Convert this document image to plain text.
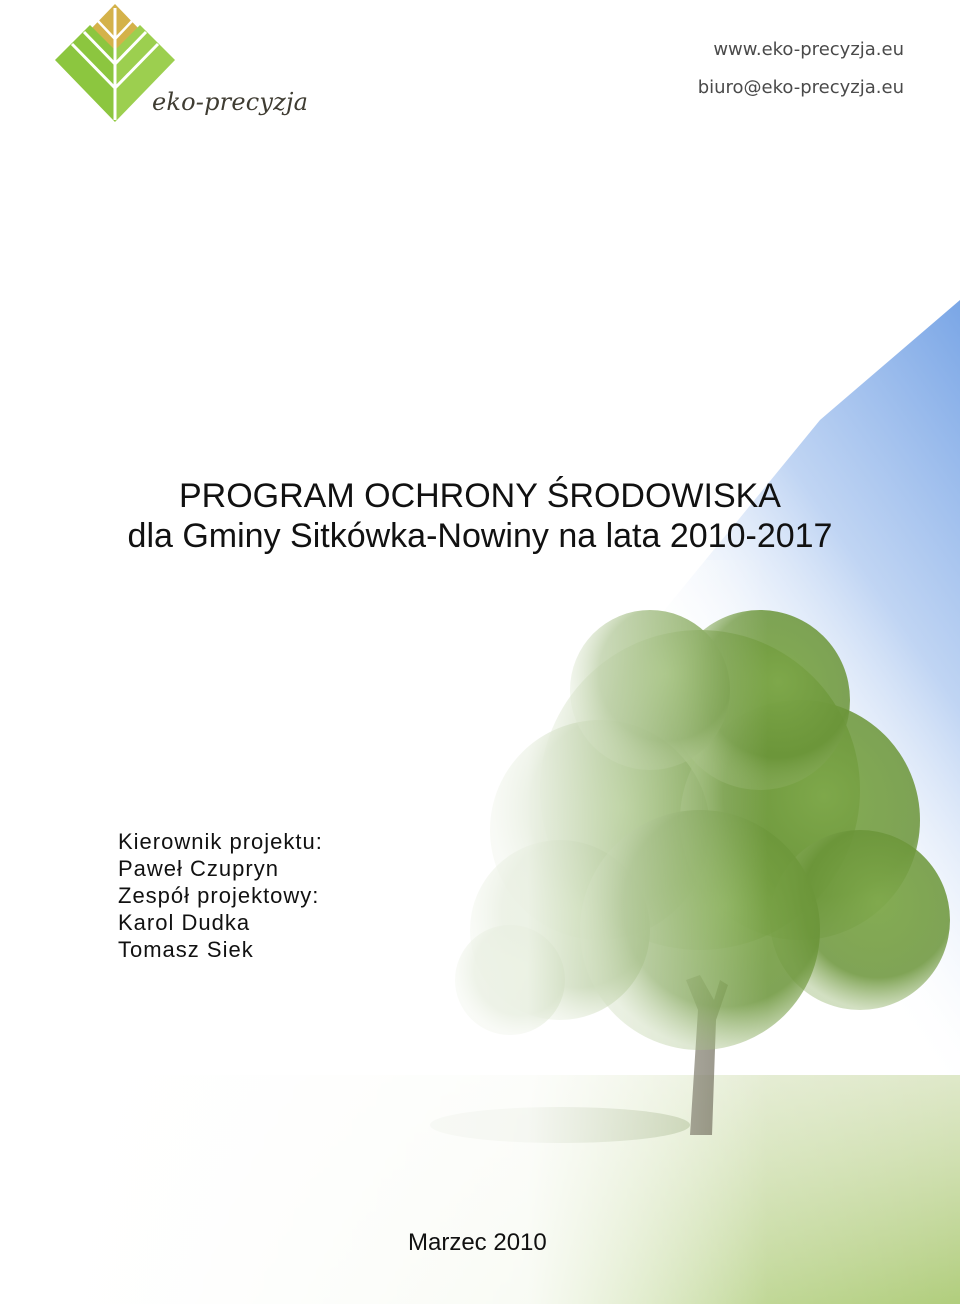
eko-precyzja
www.eko-precyzja.eu
biuro@eko-precyzja.eu
PROGRAM OCHRONY ŚRODOWISKA
dla Gminy Sitkówka-Nowiny na lata 2010-2017
Kierownik projektu:
Paweł Czupryn
Zespół projektowy:
Karol Dudka
Tomasz Siek
Marzec 2010
